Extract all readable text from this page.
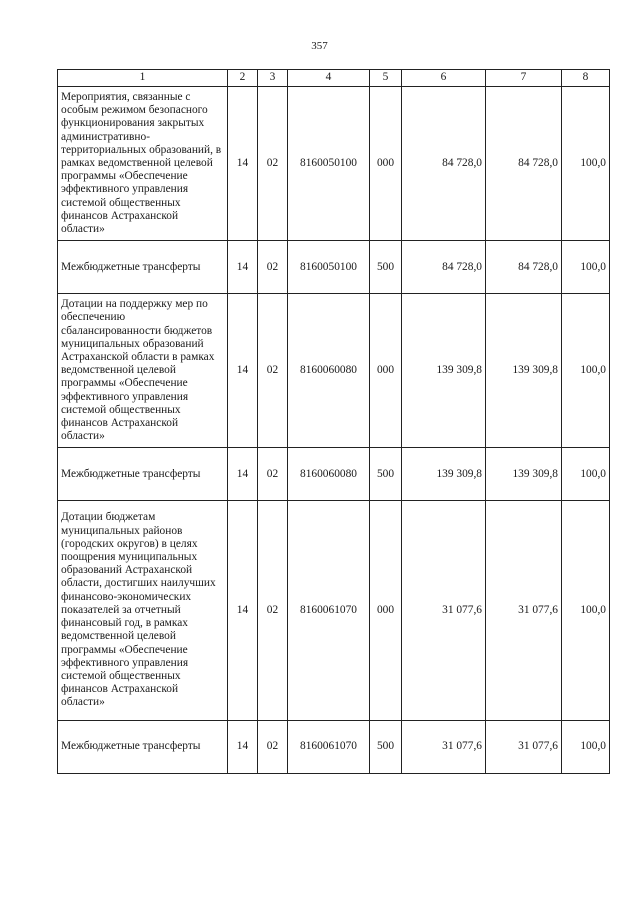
357
1	2	3	4	5	6	7	8
Мероприятия, связанные с особым режимом безопасного функционирования закрытых административно-территориальных образований, в рамках ведомственной целевой программы «Обеспечение эффективного управления системой общественных финансов Астраханской области»	14	02	8160050100	000	84 728,0	84 728,0	100,0
Межбюджетные трансферты	14	02	8160050100	500	84 728,0	84 728,0	100,0
Дотации на поддержку мер по обеспечению сбалансированности бюджетов муниципальных образований Астраханской области в рамках ведомственной целевой программы «Обеспечение эффективного управления системой общественных финансов Астраханской области»	14	02	8160060080	000	139 309,8	139 309,8	100,0
Межбюджетные трансферты	14	02	8160060080	500	139 309,8	139 309,8	100,0
Дотации бюджетам муниципальных районов (городских округов) в целях поощрения муниципальных образований Астраханской области, достигших наилучших финансово-экономических показателей за отчетный финансовый год, в рамках ведомственной целевой программы «Обеспечение эффективного управления системой общественных финансов Астраханской области»	14	02	8160061070	000	31 077,6	31 077,6	100,0
Межбюджетные трансферты	14	02	8160061070	500	31 077,6	31 077,6	100,0
